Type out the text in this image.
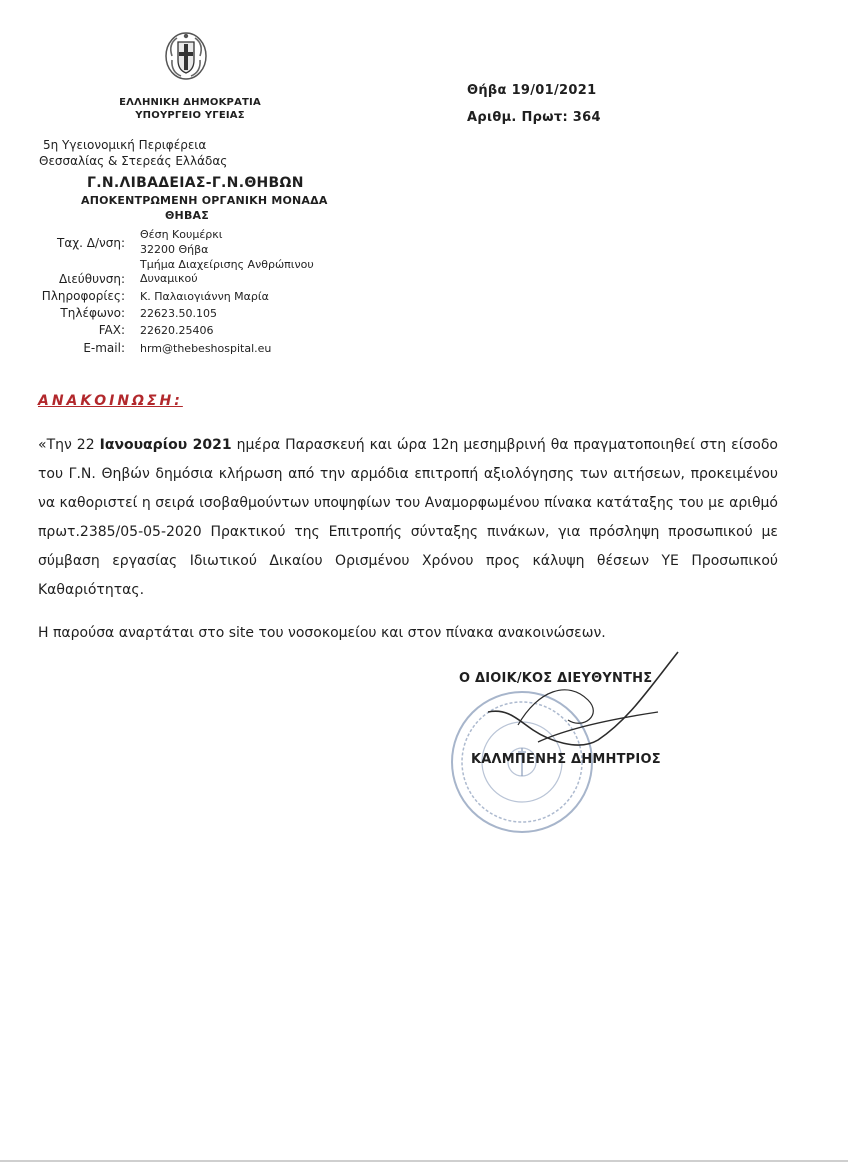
ΕΛΛΗΝΙΚΗ ΔΗΜΟΚΡΑΤΙΑ
ΥΠΟΥΡΓΕΙΟ ΥΓΕΙΑΣ
5η Υγειονομική Περιφέρεια
Θεσσαλίας & Στερεάς Ελλάδας
Γ.Ν.ΛΙΒΑΔΕΙΑΣ-Γ.Ν.ΘΗΒΩΝ
ΑΠΟΚΕΝΤΡΩΜΕΝΗ ΟΡΓΑΝΙΚΗ ΜΟΝΑΔΑ
ΘΗΒΑΣ
Ταχ. Δ/νση:
Θέση Κουμέρκι
32200 Θήβα
Τμήμα Διαχείρισης Ανθρώπινου
Διεύθυνση: Δυναμικού
Πληροφορίες: Κ. Παλαιογιάννη Μαρία
Τηλέφωνο: 22623.50.105
FAX: 22620.25406
E-mail: hrm@thebeshospital.eu
Θήβα 19/01/2021
Αριθμ. Πρωτ: 364
ΑΝΑΚΟΙΝΩΣΗ:
«Την 22 Ιανουαρίου 2021 ημέρα Παρασκευή και ώρα 12η μεσημβρινή θα πραγματοποιηθεί στη είσοδο του Γ.Ν. Θηβών δημόσια κλήρωση από την αρμόδια επιτροπή αξιολόγησης των αιτήσεων, προκειμένου να καθοριστεί η σειρά ισοβαθμούντων υποψηφίων του Αναμορφωμένου πίνακα κατάταξης του με αριθμό πρωτ.2385/05-05-2020 Πρακτικού της Επιτροπής σύνταξης πινάκων, για πρόσληψη προσωπικού με σύμβαση εργασίας Ιδιωτικού Δικαίου Ορισμένου Χρόνου προς κάλυψη θέσεων ΥΕ Προσωπικού Καθαριότητας.
Η παρούσα αναρτάται στο site του νοσοκομείου και στον πίνακα ανακοινώσεων.
Ο ΔΙΟΙΚ/ΚΟΣ ΔΙΕΥΘΥΝΤΗΣ
ΚΑΛΜΠΕΝΗΣ ΔΗΜΗΤΡΙΟΣ
